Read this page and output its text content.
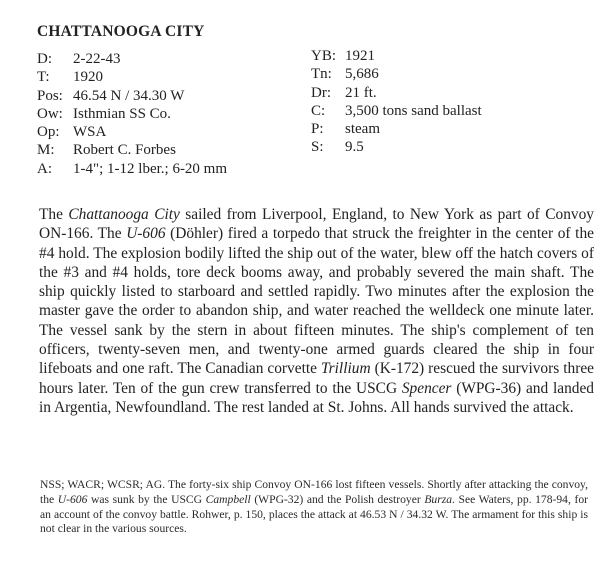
CHATTANOOGA CITY
D:	2-22-43
T:	1920
Pos: 46.54 N / 34.30 W
Ow: Isthmian SS Co.
Op: WSA
M:	Robert C. Forbes
A:	1-4"; 1-12 lber.; 6-20 mm
YB: 1921
Tn: 5,686
Dr: 21 ft.
C:	3,500 tons sand ballast
P:	steam
S:	9.5

The Chattanooga City sailed from Liverpool, England, to New York as part of Convoy ON-166. The U-606 (Döhler) fired a torpedo that struck the freighter in the center of the #4 hold. The explosion bodily lifted the ship out of the water, blew off the hatch covers of the #3 and #4 holds, tore deck booms away, and probably severed the main shaft. The ship quickly listed to starboard and settled rapidly. Two minutes after the explosion the master gave the order to abandon ship, and water reached the welldeck one minute later. The vessel sank by the stern in about fifteen minutes. The ship's complement of ten officers, twenty-seven men, and twenty-one armed guards cleared the ship in four lifeboats and one raft. The Canadian corvette Trillium (K-172) rescued the survivors three hours later. Ten of the gun crew transferred to the USCG Spencer (WPG-36) and landed in Argentia, Newfoundland. The rest landed at St. Johns. All hands survived the attack.

NSS; WACR; WCSR; AG. The forty-six ship Convoy ON-166 lost fifteen vessels. Shortly after attacking the convoy, the U-606 was sunk by the USCG Campbell (WPG-32) and the Polish destroyer Burza. See Waters, pp. 178-94, for an account of the convoy battle. Rohwer, p. 150, places the attack at 46.53 N / 34.32 W. The armament for this ship is not clear in the various sources.
